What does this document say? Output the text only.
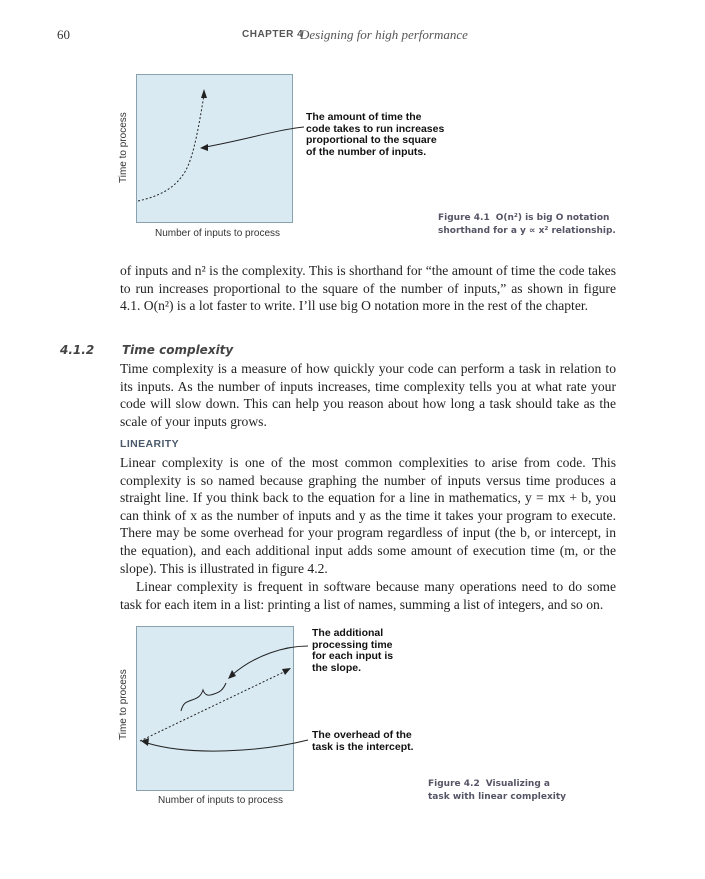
60	CHAPTER 4
Designing for high performance
Time to process
Number of inputs to process
The amount of time the
code takes to run increases
proportional to the square
of the number of inputs.
Figure 4.1 O(n²) is big O notation
shorthand for a y ∝ x² relationship.
of inputs and n² is the complexity. This is shorthand for “the amount of time the code takes to run increases proportional to the square of the number of inputs,” as shown in figure 4.1. O(n²) is a lot faster to write. I’ll use big O notation more in the rest of the chapter.
4.1.2 Time complexity
Time complexity is a measure of how quickly your code can perform a task in relation to its inputs. As the number of inputs increases, time complexity tells you at what rate your code will slow down. This can help you reason about how long a task should take as the scale of your inputs grows.
LINEARITY
Linear complexity is one of the most common complexities to arise from code. This complexity is so named because graphing the number of inputs versus time produces a straight line. If you think back to the equation for a line in mathematics, y = mx + b, you can think of x as the number of inputs and y as the time it takes your program to execute. There may be some overhead for your program regardless of input (the b, or intercept, in the equation), and each additional input adds some amount of execution time (m, or the slope). This is illustrated in figure 4.2.
Linear complexity is frequent in software because many operations need to do some task for each item in a list: printing a list of names, summing a list of integers, and so on.
Time to process
Number of inputs to process
The additional
processing time
for each input is
the slope.
The overhead of the
task is the intercept.
Figure 4.2 Visualizing a
task with linear complexity
